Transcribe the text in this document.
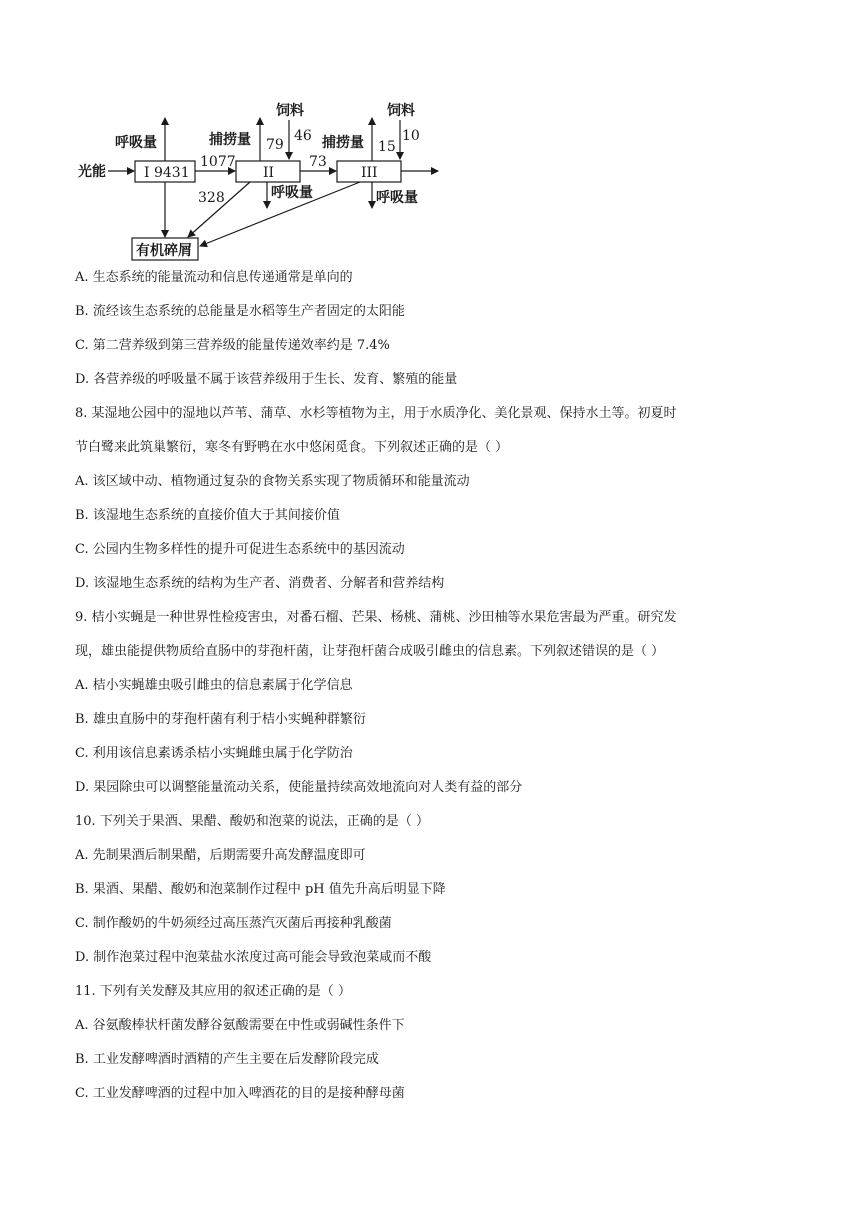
光能	I 9431
呼吸量
328
1077
II
捕捞量 79
饲料
46
呼吸量
73
III
捕捞量 15
饲料
10
呼吸量
有机碎屑
A. 生态系统的能量流动和信息传递通常是单向的
B. 流经该生态系统的总能量是水稻等生产者固定的太阳能
C. 第二营养级到第三营养级的能量传递效率约是 7.4%
D. 各营养级的呼吸量不属于该营养级用于生长、发育、繁殖的能量
8. 某湿地公园中的湿地以芦苇、蒲草、水杉等植物为主，用于水质净化、美化景观、保持水土等。初夏时
节白鹭来此筑巢繁衍，寒冬有野鸭在水中悠闲觅食。下列叙述正确的是（ ）
A. 该区域中动、植物通过复杂的食物关系实现了物质循环和能量流动
B. 该湿地生态系统的直接价值大于其间接价值
C. 公园内生物多样性的提升可促进生态系统中的基因流动
D. 该湿地生态系统的结构为生产者、消费者、分解者和营养结构
9. 桔小实蝇是一种世界性检疫害虫，对番石榴、芒果、杨桃、蒲桃、沙田柚等水果危害最为严重。研究发
现，雄虫能提供物质给直肠中的芽孢杆菌，让芽孢杆菌合成吸引雌虫的信息素。下列叙述错误的是（ ）
A. 桔小实蝇雄虫吸引雌虫的信息素属于化学信息
B. 雄虫直肠中的芽孢杆菌有利于桔小实蝇种群繁衍
C. 利用该信息素诱杀桔小实蝇雌虫属于化学防治
D. 果园除虫可以调整能量流动关系，使能量持续高效地流向对人类有益的部分
10. 下列关于果酒、果醋、酸奶和泡菜的说法，正确的是（ ）
A. 先制果酒后制果醋，后期需要升高发酵温度即可
B. 果酒、果醋、酸奶和泡菜制作过程中 pH 值先升高后明显下降
C. 制作酸奶的牛奶须经过高压蒸汽灭菌后再接种乳酸菌
D. 制作泡菜过程中泡菜盐水浓度过高可能会导致泡菜咸而不酸
11. 下列有关发酵及其应用的叙述正确的是（ ）
A. 谷氨酸棒状杆菌发酵谷氨酸需要在中性或弱碱性条件下
B. 工业发酵啤酒时酒精的产生主要在后发酵阶段完成
C. 工业发酵啤酒的过程中加入啤酒花的目的是接种酵母菌
